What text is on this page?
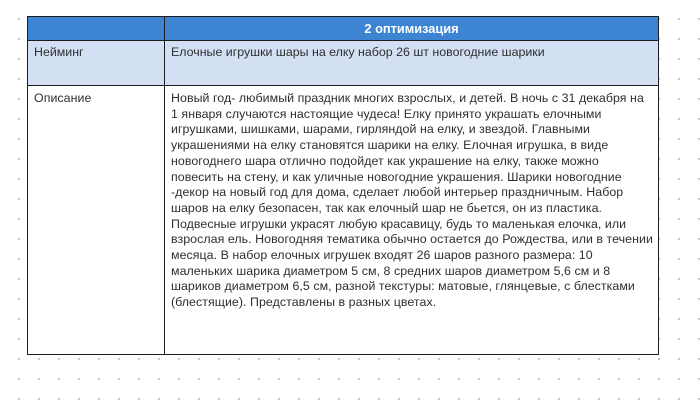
	2 оптимизация

Нейминг	Елочные игрушки шары на елку набор 26 шт новогодние шарики

Описание	Новый год- любимый праздник многих взрослых, и детей. В ночь с 31 декабря на 1 января случаются настоящие чудеса! Елку принято украшать елочными игрушками, шишками, шарами, гирляндой на елку, и звездой. Главными украшениями на елку становятся шарики на елку. Елочная игрушка, в виде новогоднего шара отлично подойдет как украшение на елку, также можно повесить на стену, и как уличные новогодние украшения. Шарики новогодние -декор на новый год для дома, сделает любой интерьер праздничным. Набор шаров на елку безопасен, так как елочный шар не бьется, он из пластика. Подвесные игрушки украсят любую красавицу, будь то маленькая елочка, или взрослая ель. Новогодняя тематика обычно остается до Рождества, или в течении месяца. В набор елочных игрушек входят 26 шаров разного размера: 10 маленьких шарика диаметром 5 см, 8 средних шаров диаметром 5,6 см и 8 шариков диаметром 6,5 см, разной текстуры: матовые, глянцевые, с блестками (блестящие). Представлены в разных цветах.
